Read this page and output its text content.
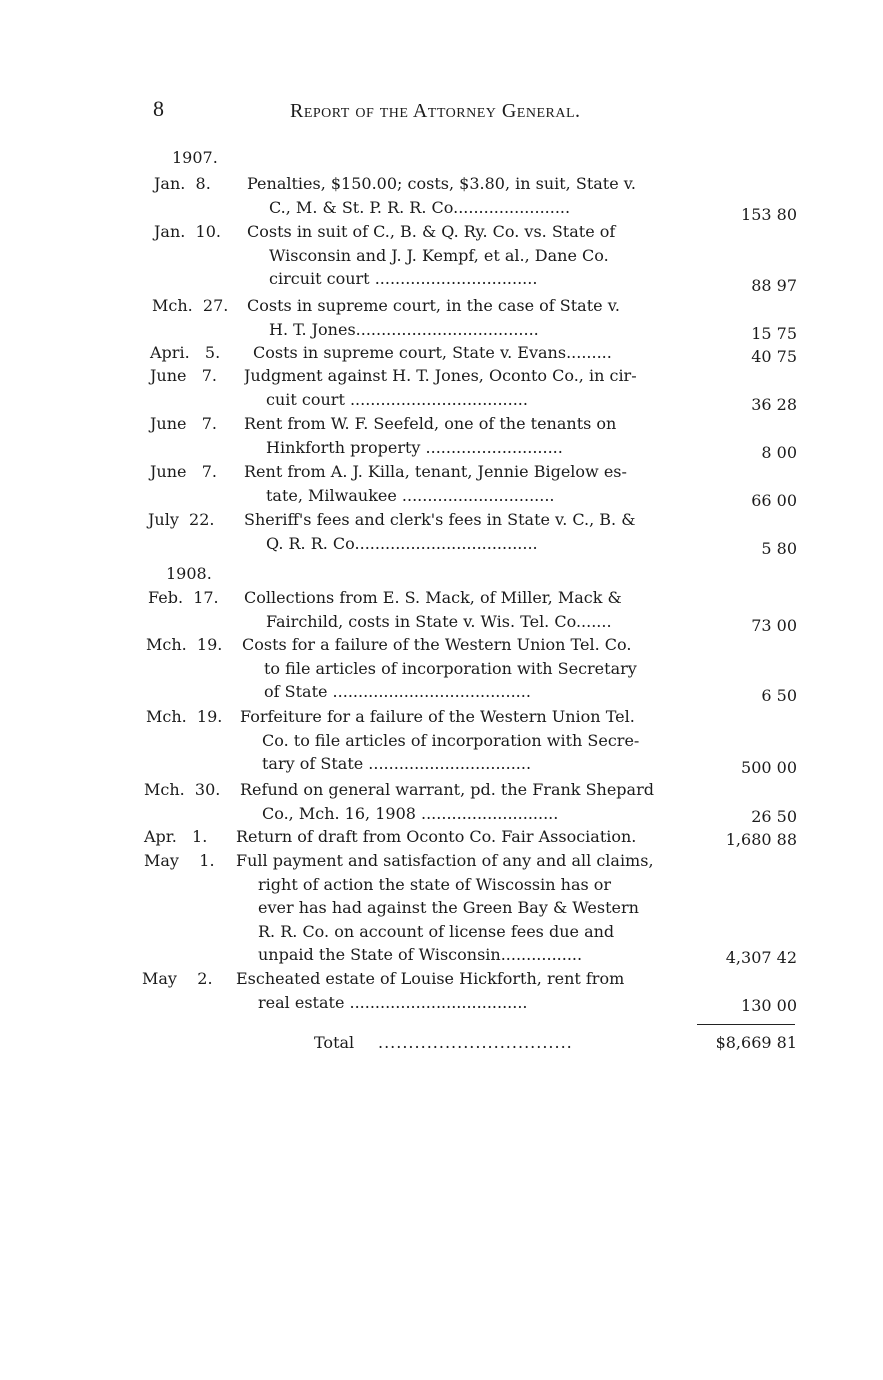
8	Report of the Attorney General.
1907.
1908.
Jan.  8. Penalties, $150.00; costs, $3.80, in suit, State v.
C., M. & St. P. R. R. Co.......................	153 80
Jan.  10. Costs in suit of C., B. & Q. Ry. Co. vs. State of
Wisconsin and J. J. Kempf, et al., Dane Co.
circuit court ................................	88 97
Mch.  27. Costs in supreme court, in the case of State v.
H. T. Jones....................................	15 75
Apri.   5. Costs in supreme court, State v. Evans.........	40 75
June   7. Judgment against H. T. Jones, Oconto Co., in cir-
cuit court ...................................	36 28
June   7. Rent from W. F. Seefeld, one of the tenants on
Hinkforth property ...........................	8 00
June   7. Rent from A. J. Killa, tenant, Jennie Bigelow es-
tate, Milwaukee ..............................	66 00
July  22. Sheriff's fees and clerk's fees in State v. C., B. &
Q. R. R. Co....................................	5 80
Feb.  17. Collections from E. S. Mack, of Miller, Mack &
Fairchild, costs in State v. Wis. Tel. Co.......	73 00
Mch.  19. Costs for a failure of the Western Union Tel. Co.
to file articles of incorporation with Secretary
of State .......................................	6 50
Mch.  19. Forfeiture for a failure of the Western Union Tel.
Co. to file articles of incorporation with Secre-
tary of State ................................	500 00
Mch.  30. Refund on general warrant, pd. the Frank Shepard
Co., Mch. 16, 1908 ...........................	26 50
Apr.   1. Return of draft from Oconto Co. Fair Association.	1,680 88
May    1. Full payment and satisfaction of any and all claims,
right of action the state of Wiscossin has or
ever has had against the Green Bay & Western
R. R. Co. on account of license fees due and
unpaid the State of Wisconsin................	4,307 42
May    2. Escheated estate of Louise Hickforth, rent from
real estate ...................................	130 00
Total ................................	$8,669 81
